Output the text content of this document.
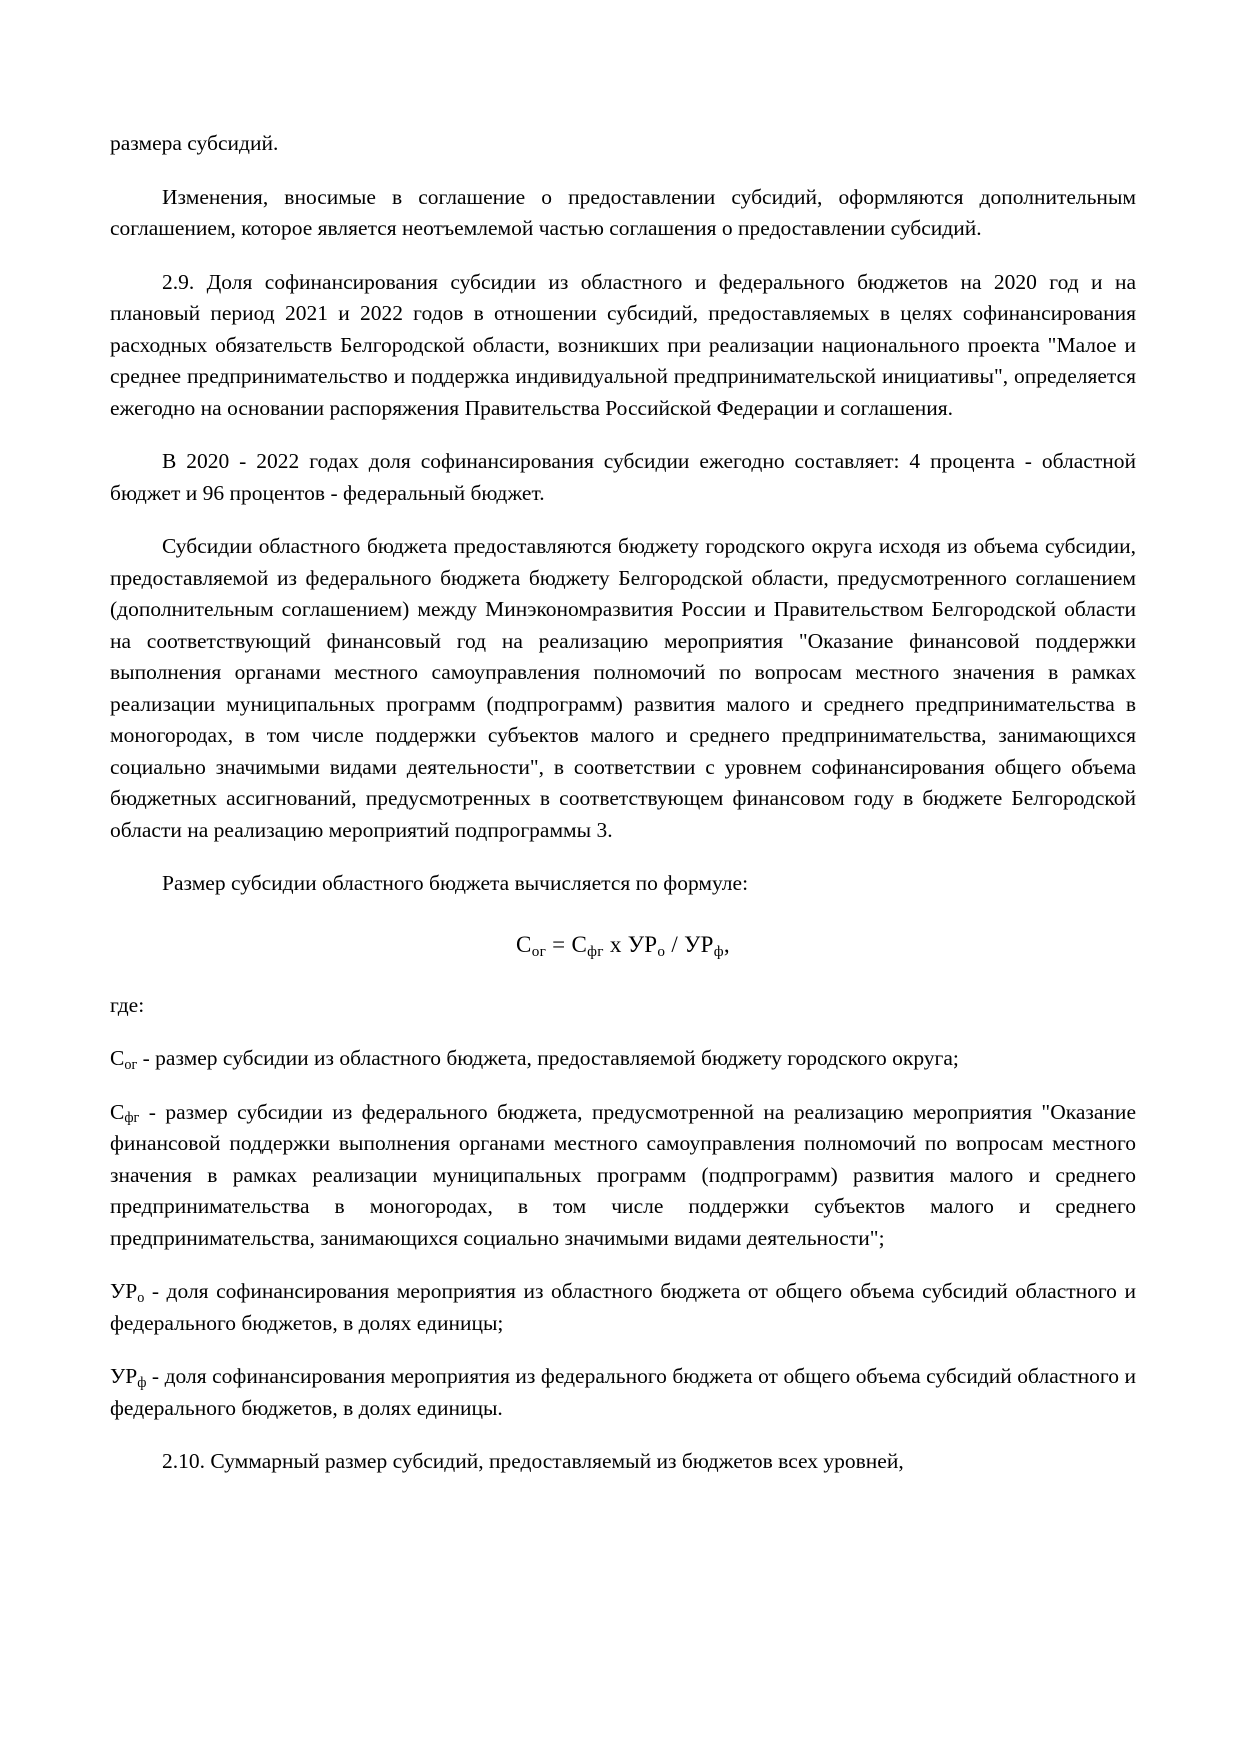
размера субсидий.

Изменения, вносимые в соглашение о предоставлении субсидий, оформляются дополнительным соглашением, которое является неотъемлемой частью соглашения о предоставлении субсидий.

2.9. Доля софинансирования субсидии из областного и федерального бюджетов на 2020 год и на плановый период 2021 и 2022 годов в отношении субсидий, предоставляемых в целях софинансирования расходных обязательств Белгородской области, возникших при реализации национального проекта "Малое и среднее предпринимательство и поддержка индивидуальной предпринимательской инициативы", определяется ежегодно на основании распоряжения Правительства Российской Федерации и соглашения.

В 2020 - 2022 годах доля софинансирования субсидии ежегодно составляет: 4 процента - областной бюджет и 96 процентов - федеральный бюджет.

Субсидии областного бюджета предоставляются бюджету городского округа исходя из объема субсидии, предоставляемой из федерального бюджета бюджету Белгородской области, предусмотренного соглашением (дополнительным соглашением) между Минэкономразвития России и Правительством Белгородской области на соответствующий финансовый год на реализацию мероприятия "Оказание финансовой поддержки выполнения органами местного самоуправления полномочий по вопросам местного значения в рамках реализации муниципальных программ (подпрограмм) развития малого и среднего предпринимательства в моногородах, в том числе поддержки субъектов малого и среднего предпринимательства, занимающихся социально значимыми видами деятельности", в соответствии с уровнем софинансирования общего объема бюджетных ассигнований, предусмотренных в соответствующем финансовом году в бюджете Белгородской области на реализацию мероприятий подпрограммы 3.

Размер субсидии областного бюджета вычисляется по формуле:

$С_{ог} = С_{фг}$ х $УР_о / УР_ф$,

где:

$С_{ог}$ - размер субсидии из областного бюджета, предоставляемой бюджету городского округа;

$С_{фг}$ - размер субсидии из федерального бюджета, предусмотренной на реализацию мероприятия "Оказание финансовой поддержки выполнения органами местного самоуправления полномочий по вопросам местного значения в рамках реализации муниципальных программ (подпрограмм) развития малого и среднего предпринимательства в моногородах, в том числе поддержки субъектов малого и среднего предпринимательства, занимающихся социально значимыми видами деятельности";

$УР_о$ - доля софинансирования мероприятия из областного бюджета от общего объема субсидий областного и федерального бюджетов, в долях единицы;

$УР_ф$ - доля софинансирования мероприятия из федерального бюджета от общего объема субсидий областного и федерального бюджетов, в долях единицы.

2.10. Суммарный размер субсидий, предоставляемый из бюджетов всех уровней,
